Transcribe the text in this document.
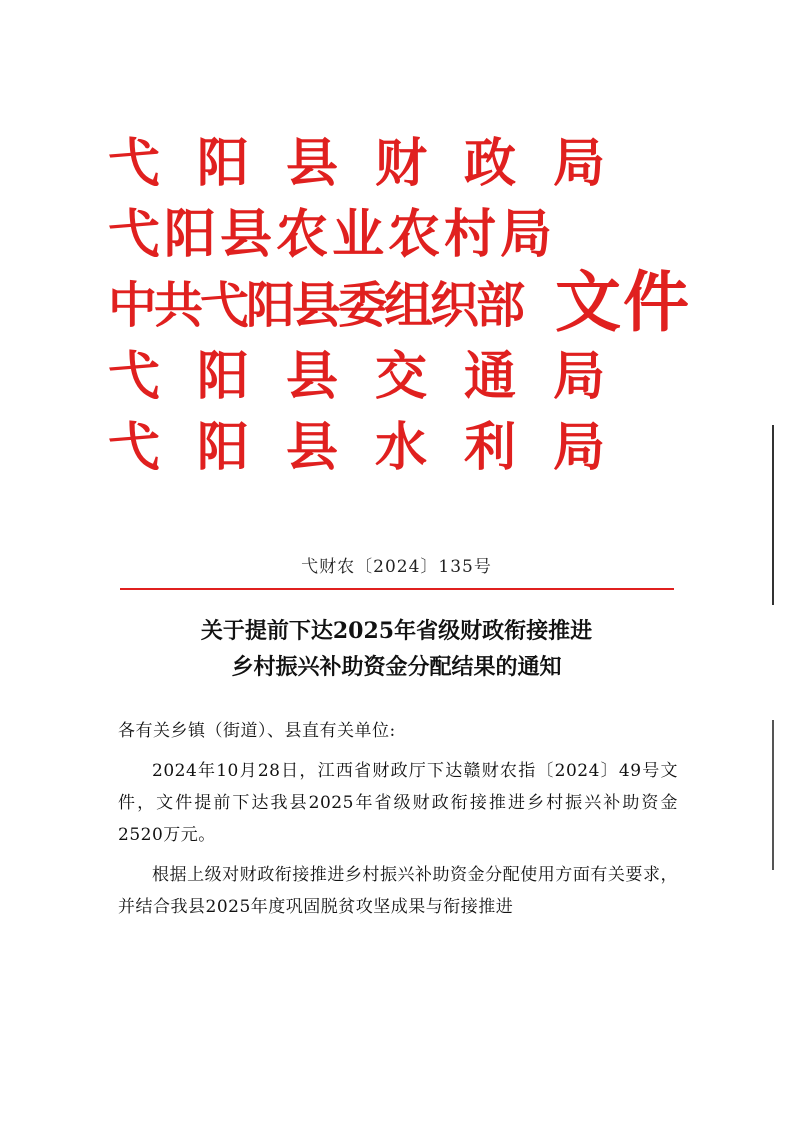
弋阳县财政局
弋阳县农业农村局
中共弋阳县委组织部
弋阳县交通局
弋阳县水利局
文件
弋财农〔2024〕135号
关于提前下达2025年省级财政衔接推进
乡村振兴补助资金分配结果的通知

各有关乡镇（街道）、县直有关单位:

2024年10月28日，江西省财政厅下达赣财农指〔2024〕49号文件，文件提前下达我县2025年省级财政衔接推进乡村振兴补助资金2520万元。

根据上级对财政衔接推进乡村振兴补助资金分配使用方面有关要求，并结合我县2025年度巩固脱贫攻坚成果与衔接推进
